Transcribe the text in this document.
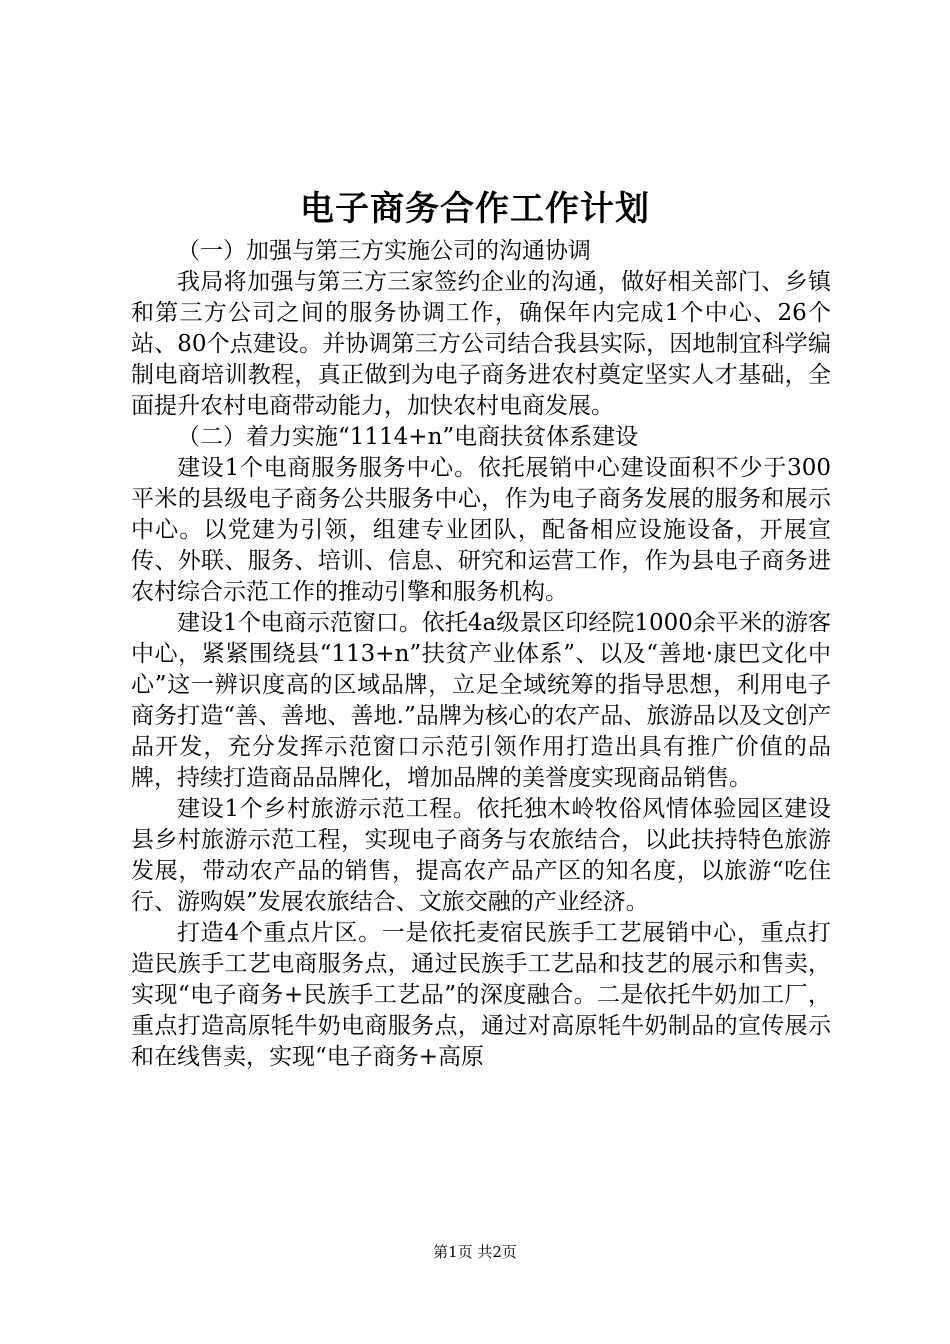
电子商务合作工作计划

（一）加强与第三方实施公司的沟通协调

我局将加强与第三方三家签约企业的沟通，做好相关部门、乡镇和第三方公司之间的服务协调工作，确保年内完成1个中心、26个站、80个点建设。并协调第三方公司结合我县实际，因地制宜科学编制电商培训教程，真正做到为电子商务进农村奠定坚实人才基础，全面提升农村电商带动能力，加快农村电商发展。

（二）着力实施“1114+n”电商扶贫体系建设

建设1个电商服务服务中心。依托展销中心建设面积不少于300平米的县级电子商务公共服务中心，作为电子商务发展的服务和展示中心。以党建为引领，组建专业团队，配备相应设施设备，开展宣传、外联、服务、培训、信息、研究和运营工作，作为县电子商务进农村综合示范工作的推动引擎和服务机构。

建设1个电商示范窗口。依托4a级景区印经院1000余平米的游客中心，紧紧围绕县“113+n”扶贫产业体系”、以及“善地·康巴文化中心”这一辨识度高的区域品牌，立足全域统筹的指导思想，利用电子商务打造“善、善地、善地.”品牌为核心的农产品、旅游品以及文创产品开发，充分发挥示范窗口示范引领作用打造出具有推广价值的品牌，持续打造商品品牌化，增加品牌的美誉度实现商品销售。

建设1个乡村旅游示范工程。依托独木岭牧俗风情体验园区建设县乡村旅游示范工程，实现电子商务与农旅结合，以此扶持特色旅游发展，带动农产品的销售，提高农产品产区的知名度，以旅游“吃住行、游购娱”发展农旅结合、文旅交融的产业经济。

打造4个重点片区。一是依托麦宿民族手工艺展销中心，重点打造民族手工艺电商服务点，通过民族手工艺品和技艺的展示和售卖，实现“电子商务+民族手工艺品”的深度融合。二是依托牛奶加工厂，重点打造高原牦牛奶电商服务点，通过对高原牦牛奶制品的宣传展示和在线售卖，实现“电子商务+高原

第1页 共2页
